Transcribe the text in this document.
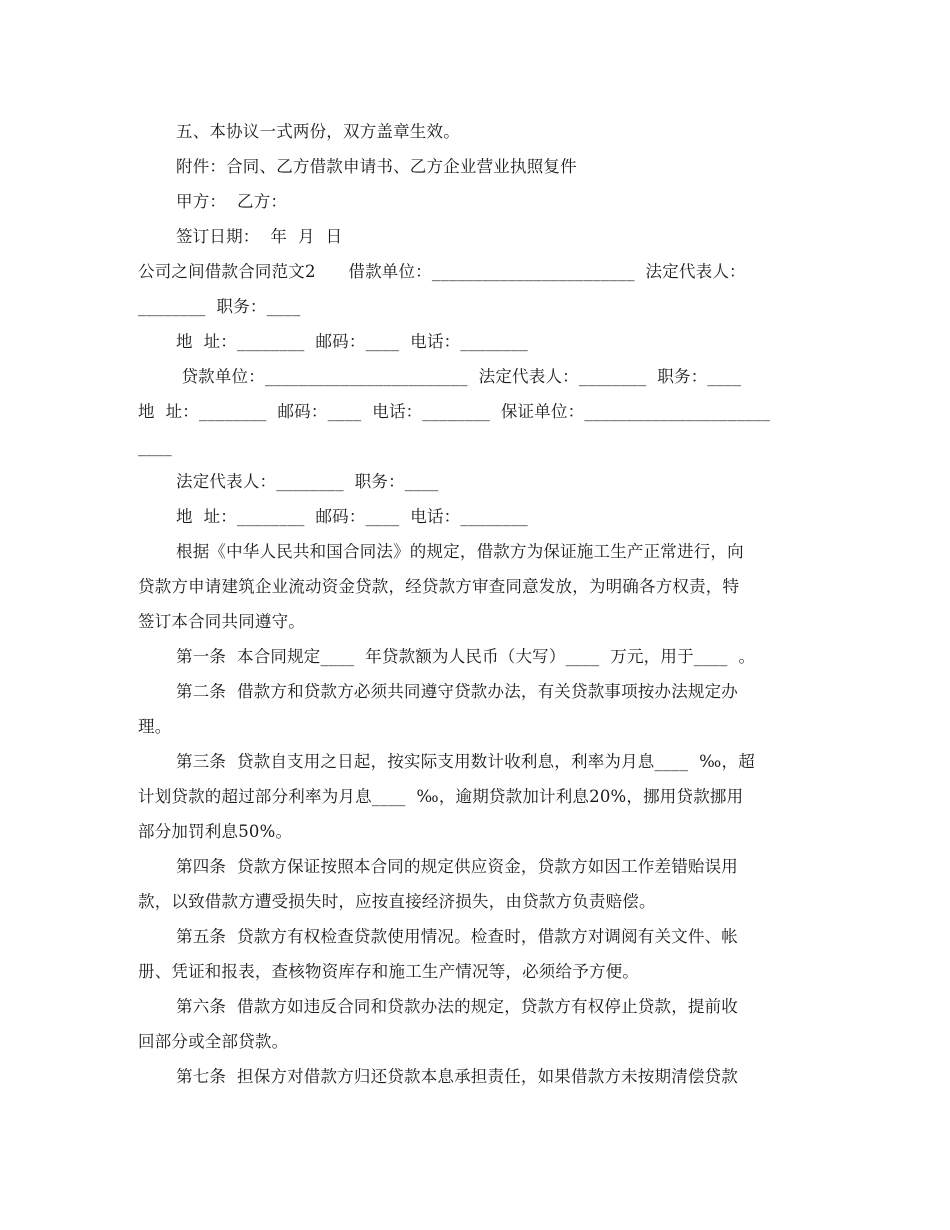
五、本协议一式两份，双方盖章生效。
附件：合同、乙方借款申请书、乙方企业营业执照复件
甲方：  乙方：
签订日期：  年  月  日
公司之间借款合同范文2      借款单位：________________________  法定代表人：
________  职务：____
地  址：________  邮码：____  电话：________
贷款单位：________________________  法定代表人：________  职务：____
地  址：________  邮码：____  电话：________  保证单位：______________________
____
法定代表人：________  职务：____
地  址：________  邮码：____  电话：________
根据《中华人民共和国合同法》的规定，借款方为保证施工生产正常进行，向
贷款方申请建筑企业流动资金贷款，经贷款方审查同意发放，为明确各方权责，特
签订本合同共同遵守。
第一条  本合同规定____  年贷款额为人民币（大写）____  万元，用于____  。
第二条  借款方和贷款方必须共同遵守贷款办法，有关贷款事项按办法规定办
理。
第三条  贷款自支用之日起，按实际支用数计收利息，利率为月息____  ‰，超
计划贷款的超过部分利率为月息____  ‰，逾期贷款加计利息20%，挪用贷款挪用
部分加罚利息50%。
第四条  贷款方保证按照本合同的规定供应资金，贷款方如因工作差错贻误用
款，以致借款方遭受损失时，应按直接经济损失，由贷款方负责赔偿。
第五条  贷款方有权检查贷款使用情况。检查时，借款方对调阅有关文件、帐
册、凭证和报表，查核物资库存和施工生产情况等，必须给予方便。
第六条  借款方如违反合同和贷款办法的规定，贷款方有权停止贷款，提前收
回部分或全部贷款。
第七条  担保方对借款方归还贷款本息承担责任，如果借款方未按期清偿贷款
